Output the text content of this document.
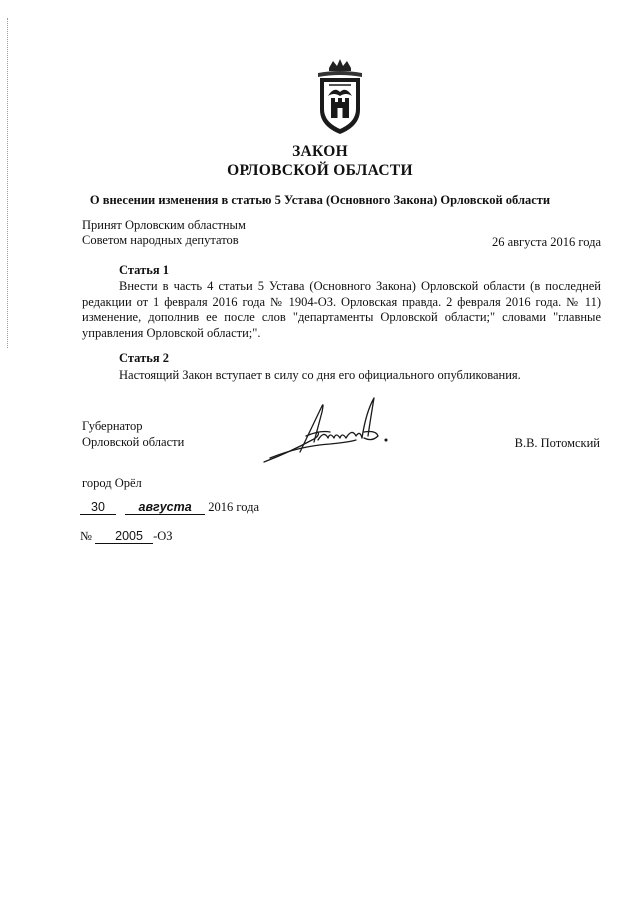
ЗАКОН
ОРЛОВСКОЙ ОБЛАСТИ
О внесении изменения в статью 5 Устава (Основного Закона) Орловской области
Принят Орловским областным
Советом народных депутатов	26 августа 2016 года
Статья 1
Внести в часть 4 статьи 5 Устава (Основного Закона) Орловской области (в последней редакции от 1 февраля 2016 года № 1904-ОЗ. Орловская правда. 2 февраля 2016 года. № 11) изменение, дополнив ее после слов "департаменты Орловской области;" словами "главные управления Орловской области;".
Статья 2
Настоящий Закон вступает в силу со дня его официального опубликования.
Губернатор
Орловской области	В.В. Потомский
город Орёл
30	августа 2016 года
№ 2005 -ОЗ
